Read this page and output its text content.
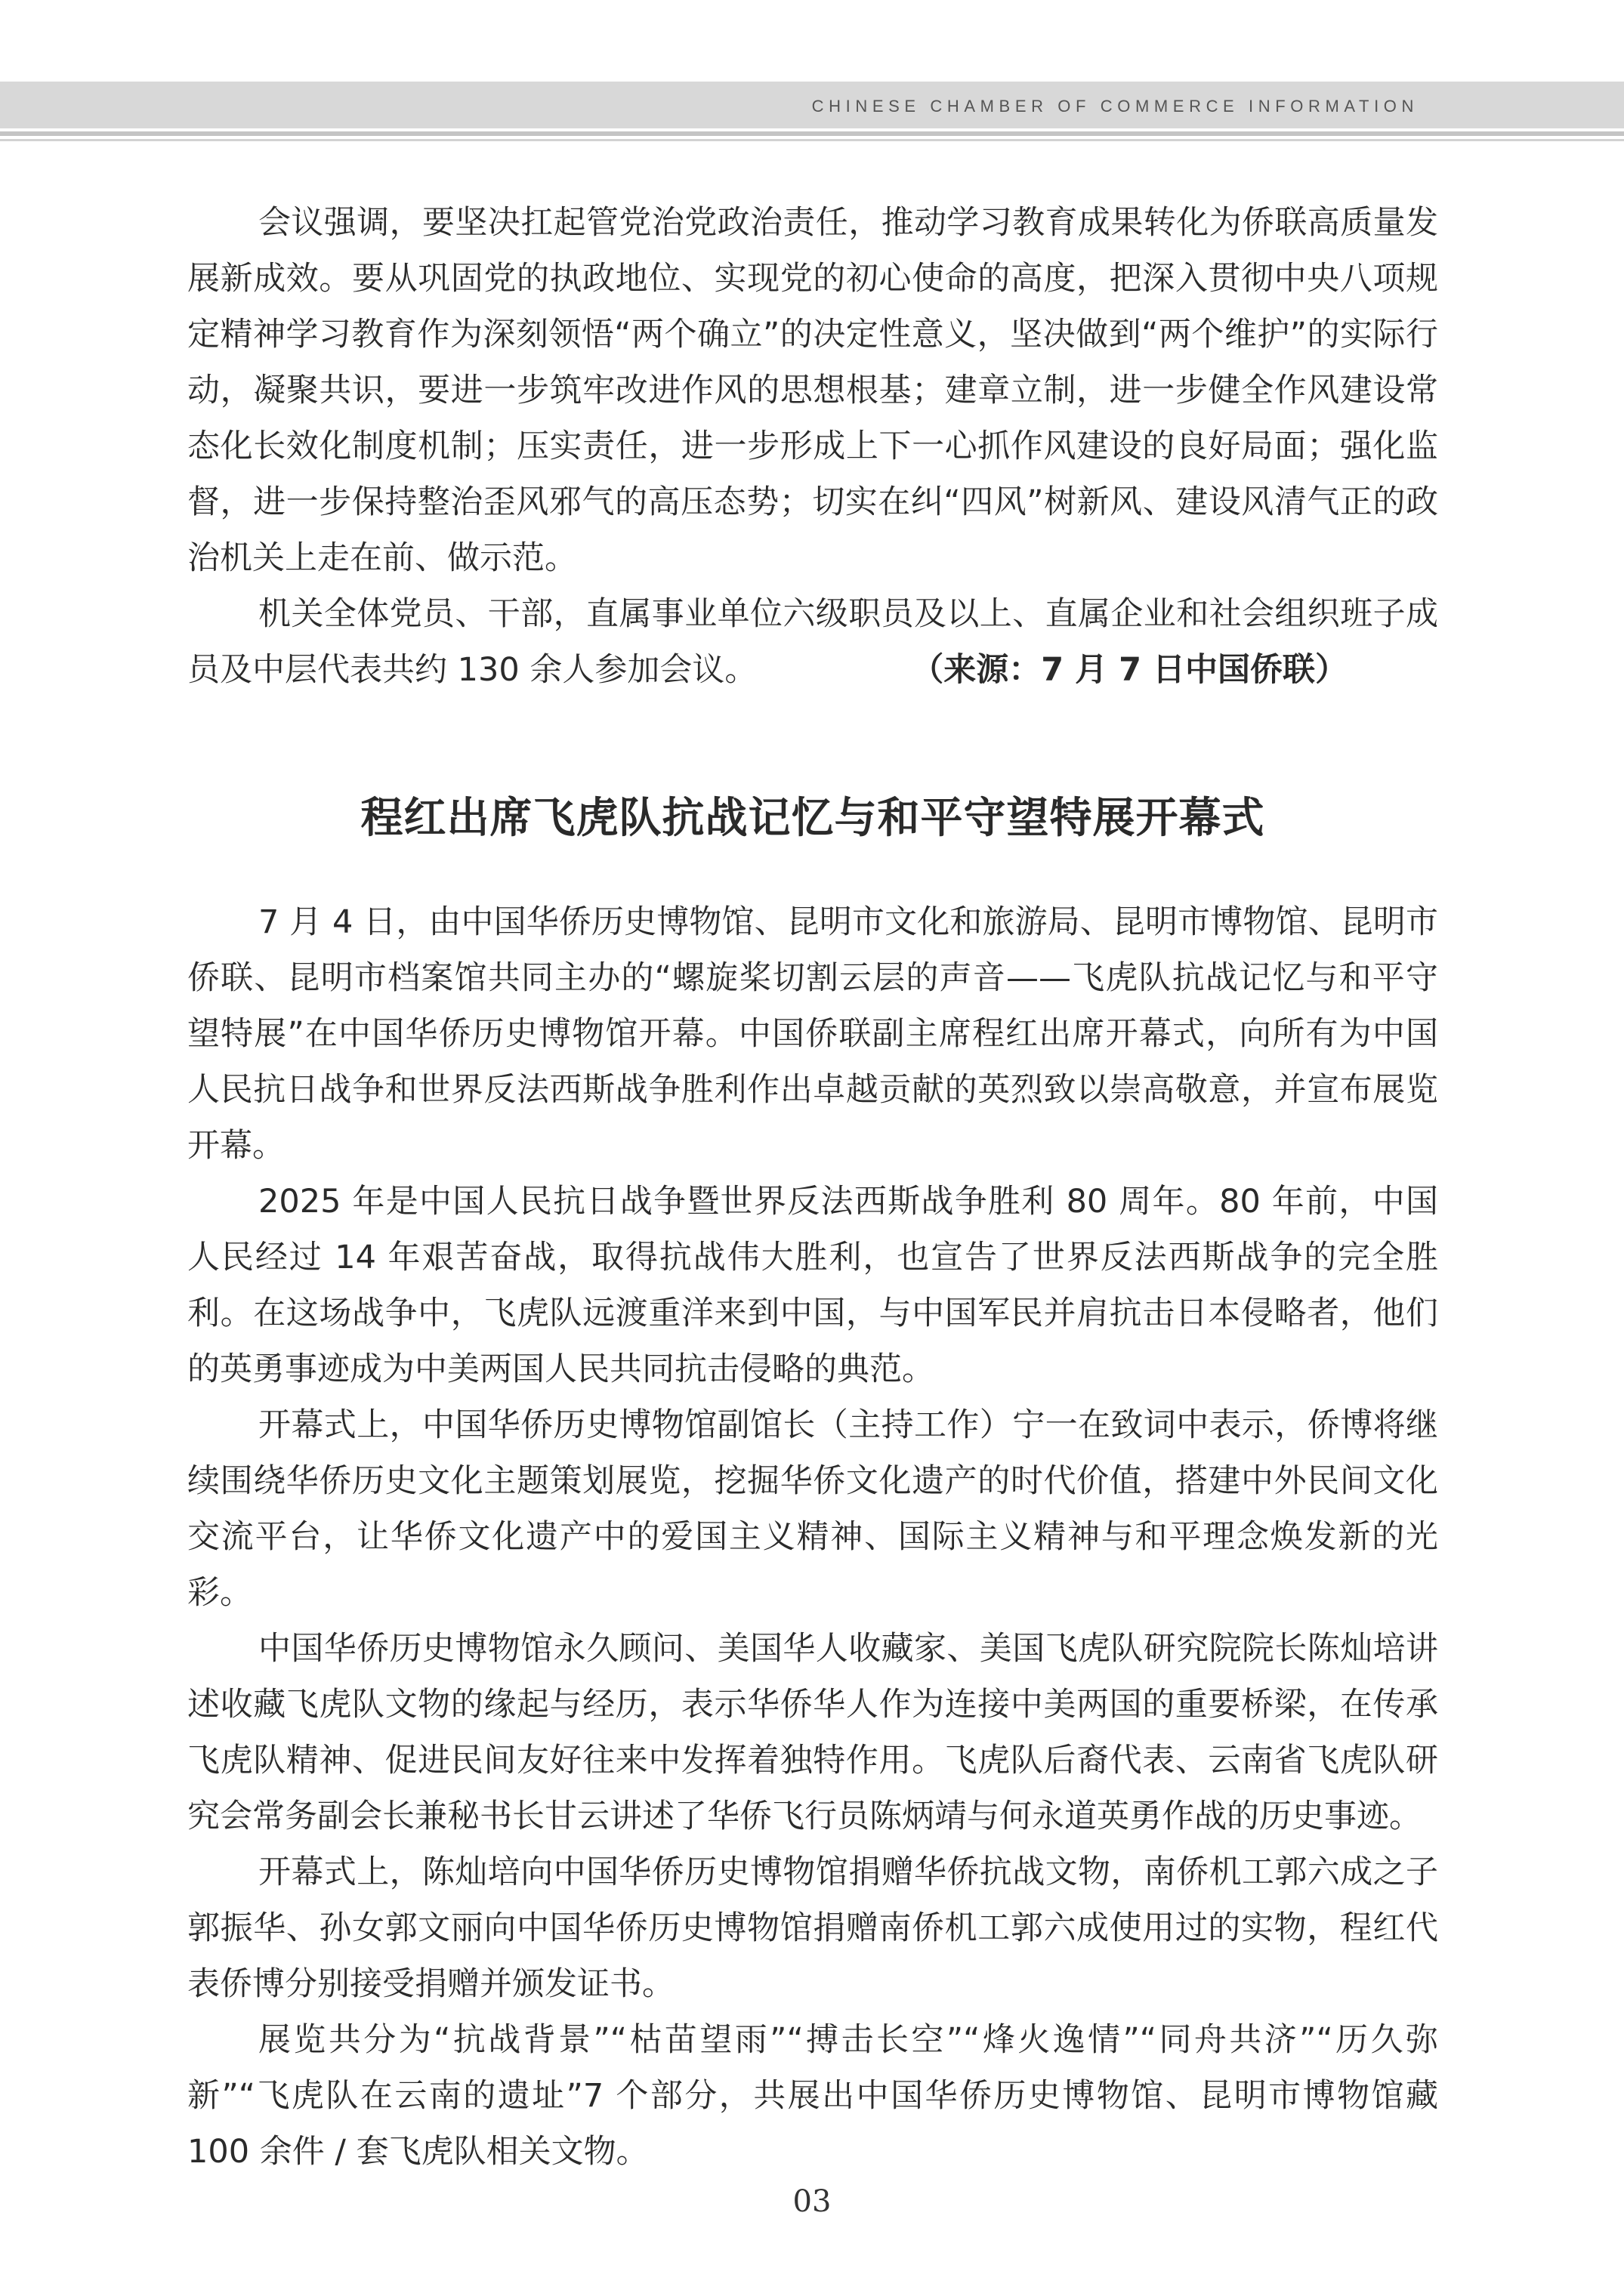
CHINESE CHAMBER OF COMMERCE INFORMATION

会议强调，要坚决扛起管党治党政治责任，推动学习教育成果转化为侨联高质量发展新成效。要从巩固党的执政地位、实现党的初心使命的高度，把深入贯彻中央八项规定精神学习教育作为深刻领悟“两个确立”的决定性意义，坚决做到“两个维护”的实际行动，凝聚共识，要进一步筑牢改进作风的思想根基；建章立制，进一步健全作风建设常态化长效化制度机制；压实责任，进一步形成上下一心抓作风建设的良好局面；强化监督，进一步保持整治歪风邪气的高压态势；切实在纠“四风”树新风、建设风清气正的政治机关上走在前、做示范。

机关全体党员、干部，直属事业单位六级职员及以上、直属企业和社会组织班子成员及中层代表共约 130 余人参加会议。	（来源：7 月 7 日中国侨联）

程红出席飞虎队抗战记忆与和平守望特展开幕式

7 月 4 日，由中国华侨历史博物馆、昆明市文化和旅游局、昆明市博物馆、昆明市侨联、昆明市档案馆共同主办的“螺旋桨切割云层的声音——飞虎队抗战记忆与和平守望特展”在中国华侨历史博物馆开幕。中国侨联副主席程红出席开幕式，向所有为中国人民抗日战争和世界反法西斯战争胜利作出卓越贡献的英烈致以崇高敬意，并宣布展览开幕。

2025 年是中国人民抗日战争暨世界反法西斯战争胜利 80 周年。80 年前，中国人民经过 14 年艰苦奋战，取得抗战伟大胜利，也宣告了世界反法西斯战争的完全胜利。在这场战争中，飞虎队远渡重洋来到中国，与中国军民并肩抗击日本侵略者，他们的英勇事迹成为中美两国人民共同抗击侵略的典范。

开幕式上，中国华侨历史博物馆副馆长（主持工作）宁一在致词中表示，侨博将继续围绕华侨历史文化主题策划展览，挖掘华侨文化遗产的时代价值，搭建中外民间文化交流平台，让华侨文化遗产中的爱国主义精神、国际主义精神与和平理念焕发新的光彩。

中国华侨历史博物馆永久顾问、美国华人收藏家、美国飞虎队研究院院长陈灿培讲述收藏飞虎队文物的缘起与经历，表示华侨华人作为连接中美两国的重要桥梁，在传承飞虎队精神、促进民间友好往来中发挥着独特作用。飞虎队后裔代表、云南省飞虎队研究会常务副会长兼秘书长甘云讲述了华侨飞行员陈炳靖与何永道英勇作战的历史事迹。

开幕式上，陈灿培向中国华侨历史博物馆捐赠华侨抗战文物，南侨机工郭六成之子郭振华、孙女郭文丽向中国华侨历史博物馆捐赠南侨机工郭六成使用过的实物，程红代表侨博分别接受捐赠并颁发证书。

展览共分为“抗战背景”“枯苗望雨”“搏击长空”“烽火逸情”“同舟共济”“历久弥新”“飞虎队在云南的遗址”7 个部分，共展出中国华侨历史博物馆、昆明市博物馆藏 100 余件 / 套飞虎队相关文物。

03
